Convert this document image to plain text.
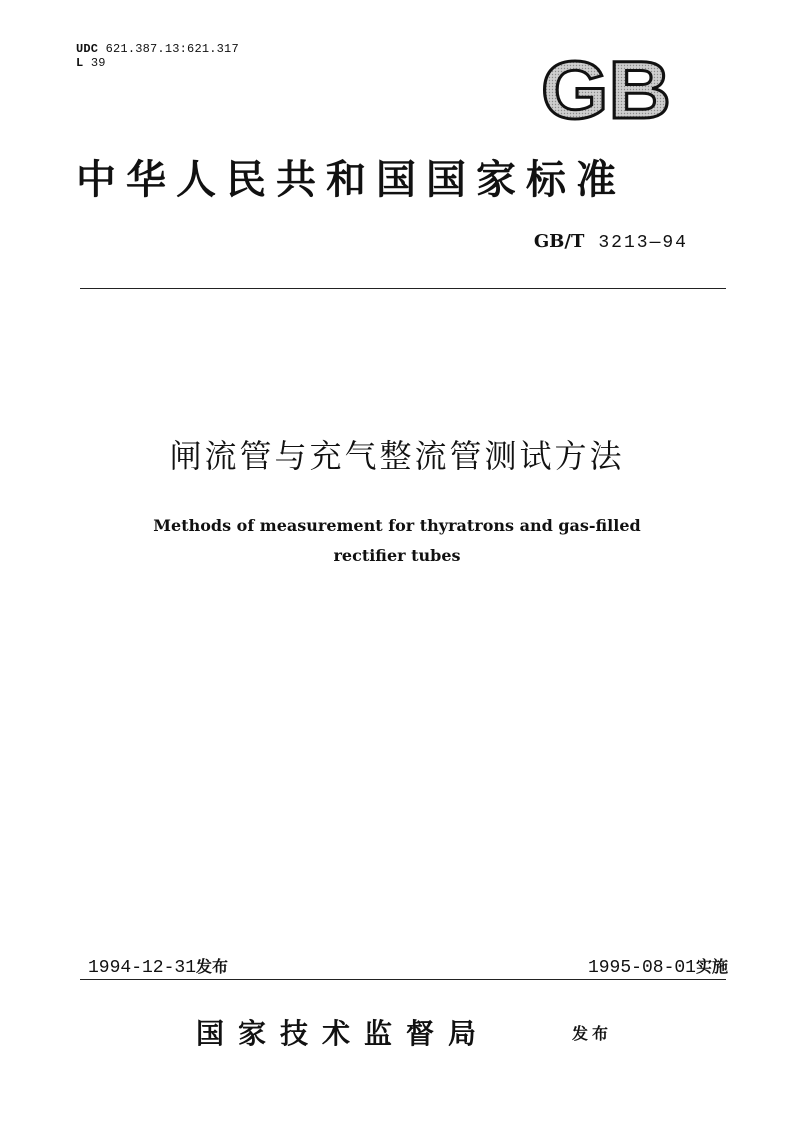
UDC 621.387.13:621.317
L 39	GB
中华人民共和国国家标准
GB/T 3213—94
闸流管与充气整流管测试方法
Methods of measurement for thyratrons and gas-filled
rectifier tubes
1994-12-31发布	1995-08-01实施
国家技术监督局	发布
